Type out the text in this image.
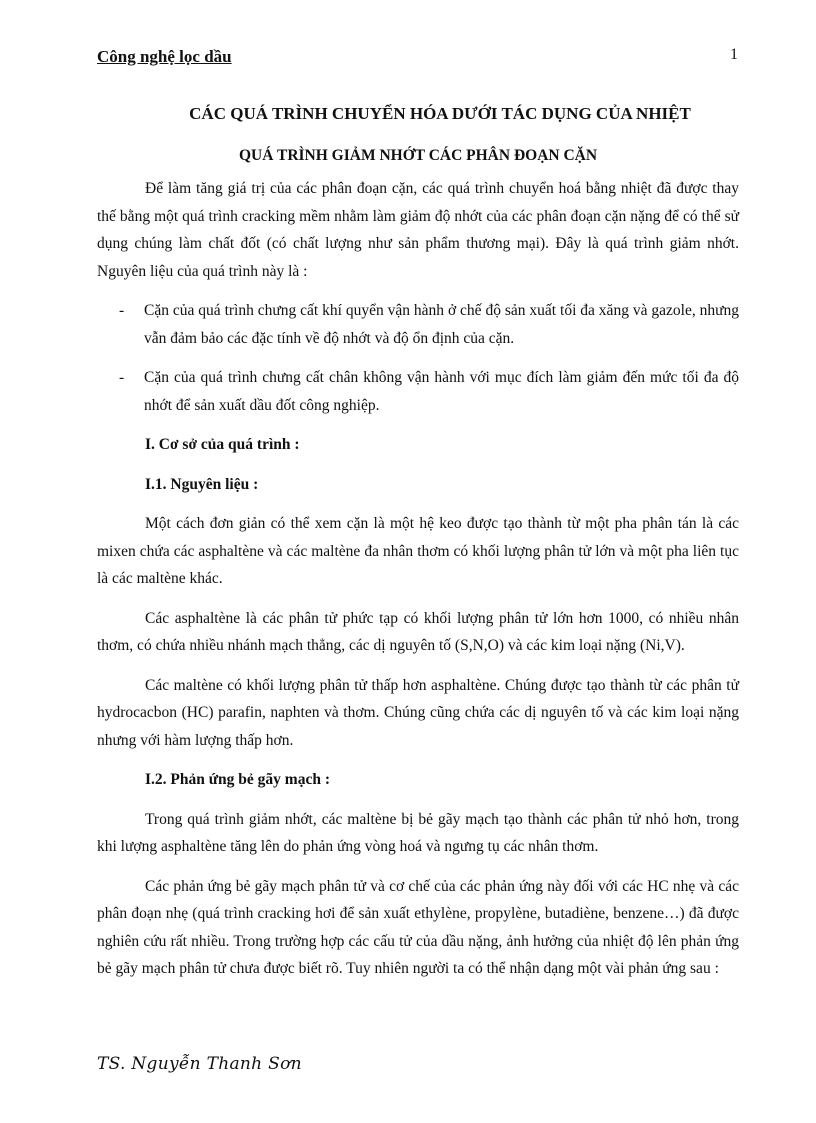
Công nghệ lọc dầu	1
CÁC QUÁ TRÌNH CHUYỂN HÓA DƯỚI TÁC DỤNG CỦA NHIỆT
QUÁ TRÌNH GIẢM NHỚT CÁC PHÂN ĐOẠN CẶN

Để làm tăng giá trị của các phân đoạn cặn, các quá trình chuyển hoá bằng nhiệt đã được thay thế bằng một quá trình cracking mềm nhằm làm giảm độ nhớt của các phân đoạn cặn nặng để có thể sử dụng chúng làm chất đốt (có chất lượng như sản phẩm thương mại). Đây là quá trình giảm nhớt. Nguyên liệu của quá trình này là :

- Cặn của quá trình chưng cất khí quyển vận hành ở chế độ sản xuất tối đa xăng và gazole, nhưng vẫn đảm bảo các đặc tính về độ nhớt và độ ổn định của cặn.
- Cặn của quá trình chưng cất chân không vận hành với mục đích làm giảm đến mức tối đa độ nhớt để sản xuất dầu đốt công nghiệp.
I. Cơ sở của quá trình :
I.1. Nguyên liệu :

Một cách đơn giản có thể xem cặn là một hệ keo được tạo thành từ một pha phân tán là các mixen chứa các asphaltène và các maltène đa nhân thơm có khối lượng phân tử lớn và một pha liên tục là các maltène khác.

Các asphaltène là các phân tử phức tạp có khối lượng phân tử lớn hơn 1000, có nhiều nhân thơm, có chứa nhiều nhánh mạch thẳng, các dị nguyên tố (S,N,O) và các kim loại nặng (Ni,V).

Các maltène có khối lượng phân tử thấp hơn asphaltène. Chúng được tạo thành từ các phân tử hydrocacbon (HC) parafin, naphten và thơm. Chúng cũng chứa các dị nguyên tố và các kim loại nặng nhưng với hàm lượng thấp hơn.

I.2. Phản ứng bẻ gãy mạch :

Trong quá trình giảm nhớt, các maltène bị bẻ gãy mạch tạo thành các phân tử nhỏ hơn, trong khi lượng asphaltène tăng lên do phản ứng vòng hoá và ngưng tụ các nhân thơm.

Các phản ứng bẻ gãy mạch phân tử và cơ chế của các phản ứng này đối với các HC nhẹ và các phân đoạn nhẹ (quá trình cracking hơi để sản xuất ethylène, propylène, butadiène, benzene…) đã được nghiên cứu rất nhiều. Trong trường hợp các cấu tử của dầu nặng, ảnh hưởng của nhiệt độ lên phản ứng bẻ gãy mạch phân tử chưa được biết rõ. Tuy nhiên người ta có thể nhận dạng một vài phản ứng sau :

TS. Nguyễn Thanh Sơn
